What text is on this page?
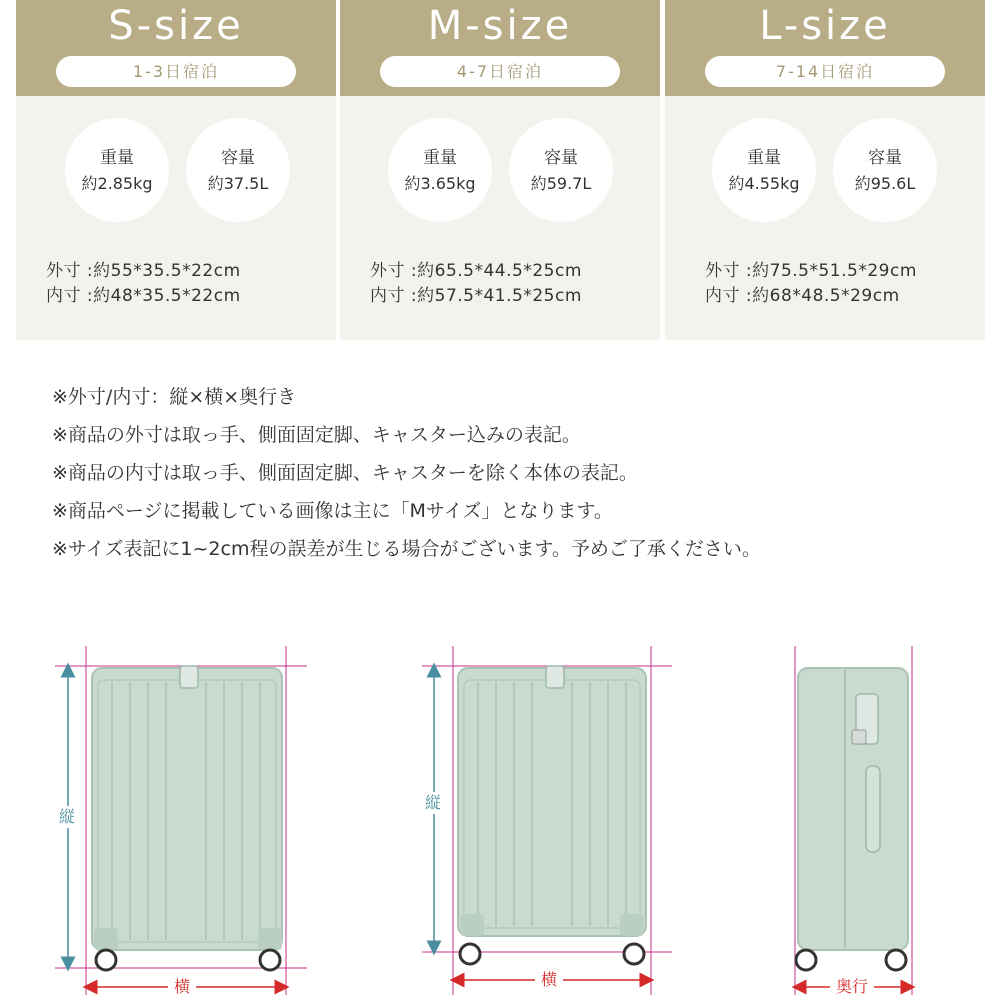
S-size
1-3日宿泊
重量
約2.85kg
容量
約37.5L
外寸 :約55*35.5*22cm
内寸 :約48*35.5*22cm
M-size
4-7日宿泊
重量
約3.65kg
容量
約59.7L
外寸 :約65.5*44.5*25cm
内寸 :約57.5*41.5*25cm
L-size
7-14日宿泊
重量
約4.55kg
容量
約95.6L
外寸 :約75.5*51.5*29cm
内寸 :約68*48.5*29cm
※外寸/内寸：縦×横×奥行き
※商品の外寸は取っ手、側面固定脚、キャスター込みの表記。
※商品の内寸は取っ手、側面固定脚、キャスターを除く本体の表記。
※商品ページに掲載している画像は主に「Mサイズ」となります。
※サイズ表記に1~2cm程の誤差が生じる場合がございます。予めご了承ください。
縦
縦
横	横	奥行
